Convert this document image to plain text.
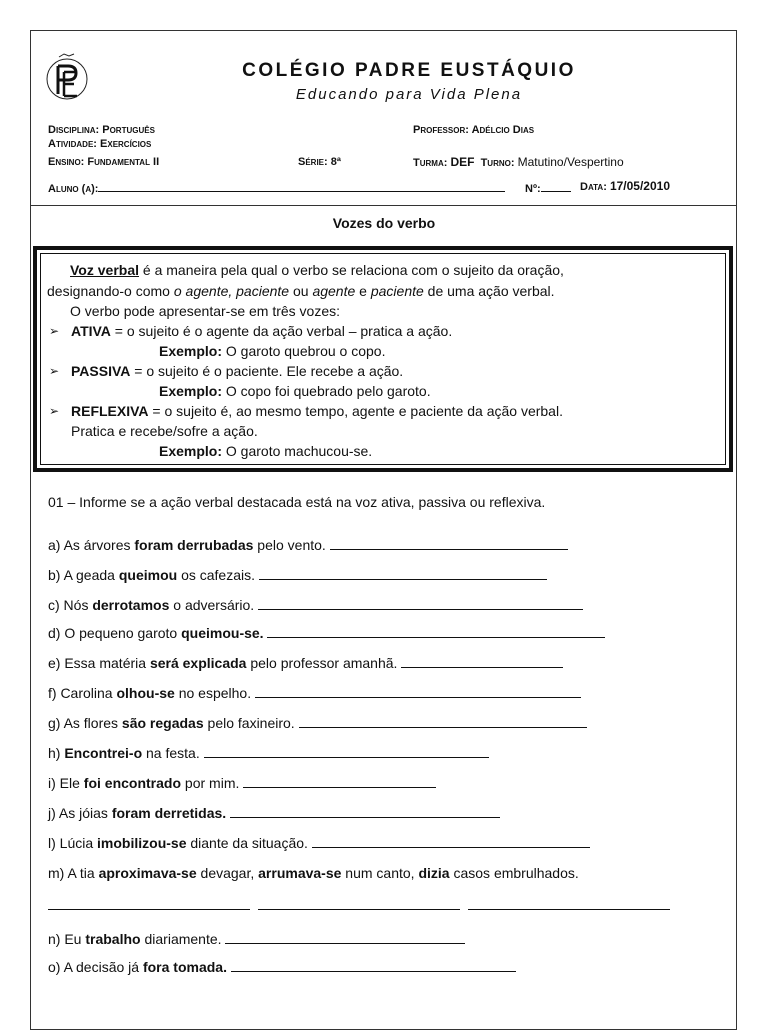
COLÉGIO PADRE EUSTÁQUIO
Educando para Vida Plena
Disciplina: Português
Atividade: Exercícios
Ensino: Fundamental II	Série: 8ª
Professor: Adélcio Dias
Turma: DEF Turno: Matutino/Vespertino
Aluno (a):	Nº:	Data: 17/05/2010
Vozes do verbo
Voz verbal é a maneira pela qual o verbo se relaciona com o sujeito da oração,
designando-o como o agente, paciente ou agente e paciente de uma ação verbal.
O verbo pode apresentar-se em três vozes:
➢ ATIVA = o sujeito é o agente da ação verbal – pratica a ação.
Exemplo: O garoto quebrou o copo.
➢ PASSIVA = o sujeito é o paciente. Ele recebe a ação.
Exemplo: O copo foi quebrado pelo garoto.
➢ REFLEXIVA = o sujeito é, ao mesmo tempo, agente e paciente da ação verbal.
Pratica e recebe/sofre a ação.
Exemplo: O garoto machucou-se.
01 – Informe se a ação verbal destacada está na voz ativa, passiva ou reflexiva.
a) As árvores foram derrubadas pelo vento.
b) A geada queimou os cafezais.
c) Nós derrotamos o adversário.
d) O pequeno garoto queimou-se.
e) Essa matéria será explicada pelo professor amanhã.
f) Carolina olhou-se no espelho.
g) As flores são regadas pelo faxineiro.
h) Encontrei-o na festa.
i) Ele foi encontrado por mim.
j) As jóias foram derretidas.
l) Lúcia imobilizou-se diante da situação.
m) A tia aproximava-se devagar, arrumava-se num canto, dizia casos embrulhados.

n) Eu trabalho diariamente.
o) A decisão já fora tomada.
